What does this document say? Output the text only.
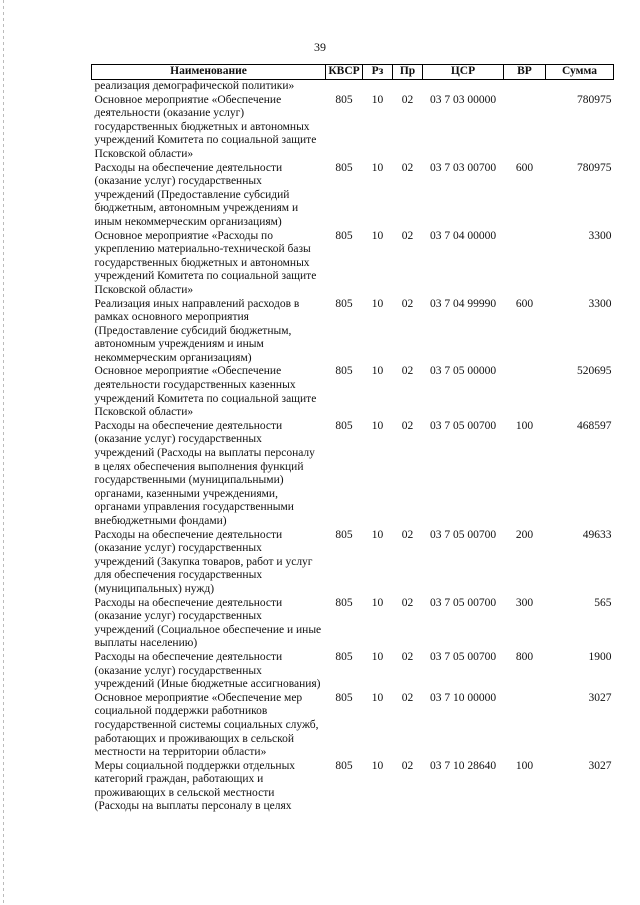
39
Наименование	КВСР	Рз	Пр	ЦСР	ВР	Сумма
реализация демографической политики»						
Основное мероприятие «Обеспечение деятельности (оказание услуг) государственных бюджетных и автономных учреждений Комитета по социальной защите Псковской области»	805	10	02	03 7 03 00000		780975
Расходы на обеспечение деятельности (оказание услуг) государственных учреждений (Предоставление субсидий бюджетным, автономным учреждениям и иным некоммерческим организациям)	805	10	02	03 7 03 00700	600	780975
Основное мероприятие «Расходы по укреплению материально-технической базы государственных бюджетных и автономных учреждений Комитета по социальной защите Псковской области»	805	10	02	03 7 04 00000		3300
Реализация иных направлений расходов в рамках основного мероприятия (Предоставление субсидий бюджетным, автономным учреждениям и иным некоммерческим организациям)	805	10	02	03 7 04 99990	600	3300
Основное мероприятие «Обеспечение деятельности государственных казенных учреждений Комитета по социальной защите Псковской области»	805	10	02	03 7 05 00000		520695
Расходы на обеспечение деятельности (оказание услуг) государственных учреждений (Расходы на выплаты персоналу в целях обеспечения выполнения функций государственными (муниципальными) органами, казенными учреждениями, органами управления государственными внебюджетными фондами)	805	10	02	03 7 05 00700	100	468597
Расходы на обеспечение деятельности (оказание услуг) государственных учреждений (Закупка товаров, работ и услуг для обеспечения государственных (муниципальных) нужд)	805	10	02	03 7 05 00700	200	49633
Расходы на обеспечение деятельности (оказание услуг) государственных учреждений (Социальное обеспечение и иные выплаты населению)	805	10	02	03 7 05 00700	300	565
Расходы на обеспечение деятельности (оказание услуг) государственных учреждений (Иные бюджетные ассигнования)	805	10	02	03 7 05 00700	800	1900
Основное мероприятие «Обеспечение мер социальной поддержки работников государственной системы социальных служб, работающих и проживающих в сельской местности на территории области»	805	10	02	03 7 10 00000		3027
Меры социальной поддержки отдельных категорий граждан, работающих и проживающих в сельской местности (Расходы на выплаты персоналу в целях	805	10	02	03 7 10 28640	100	3027
